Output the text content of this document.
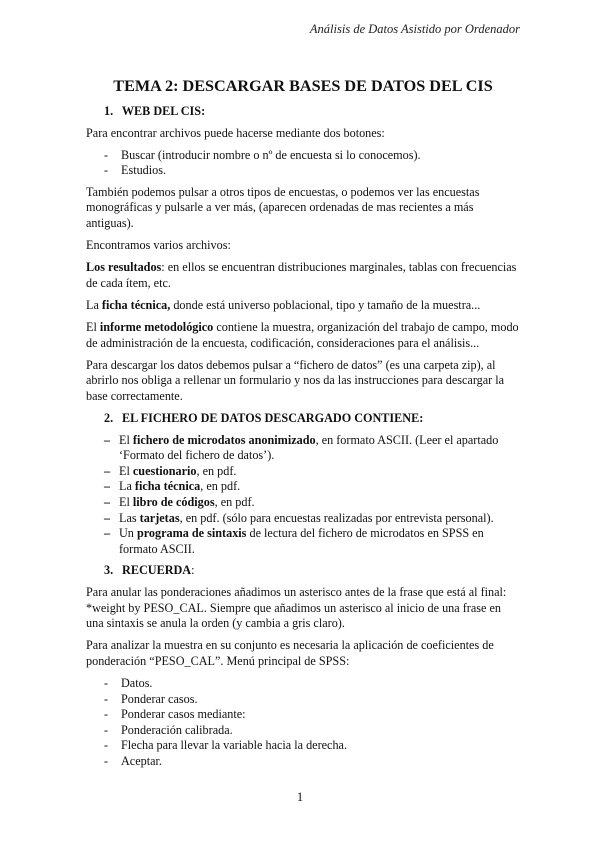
Análisis de Datos Asistido por Ordenador
TEMA 2: DESCARGAR BASES DE DATOS DEL CIS
1. WEB DEL CIS:

Para encontrar archivos puede hacerse mediante dos botones:

- Buscar (introducir nombre o nº de encuesta si lo conocemos).
- Estudios.

También podemos pulsar a otros tipos de encuestas, o podemos ver las encuestas monográficas y pulsarle a ver más, (aparecen ordenadas de mas recientes a más antiguas).

Encontramos varios archivos:

Los resultados: en ellos se encuentran distribuciones marginales, tablas con frecuencias de cada ítem, etc.

La ficha técnica, donde está universo poblacional, tipo y tamaño de la muestra...

El informe metodológico contiene la muestra, organización del trabajo de campo, modo de administración de la encuesta, codificación, consideraciones para el análisis...

Para descargar los datos debemos pulsar a “fichero de datos” (es una carpeta zip), al abrirlo nos obliga a rellenar un formulario y nos da las instrucciones para descargar la base correctamente.

2. EL FICHERO DE DATOS DESCARGADO CONTIENE:
– El fichero de microdatos anonimizado, en formato ASCII. (Leer el apartado ‘Formato del fichero de datos’).
– El cuestionario, en pdf.
– La ficha técnica, en pdf.
– El libro de códigos, en pdf.
– Las tarjetas, en pdf. (sólo para encuestas realizadas por entrevista personal).
– Un programa de sintaxis de lectura del fichero de microdatos en SPSS en formato ASCII.
3. RECUERDA:

Para anular las ponderaciones añadimos un asterisco antes de la frase que está al final: *weight by PESO_CAL. Siempre que añadimos un asterisco al inicio de una frase en una sintaxis se anula la orden (y cambia a gris claro).

Para analizar la muestra en su conjunto es necesaria la aplicación de coeficientes de ponderación “PESO_CAL”. Menú principal de SPSS:

- Datos.
- Ponderar casos.
- Ponderar casos mediante:
- Ponderación calibrada.
- Flecha para llevar la variable hacia la derecha.
- Aceptar.
1
